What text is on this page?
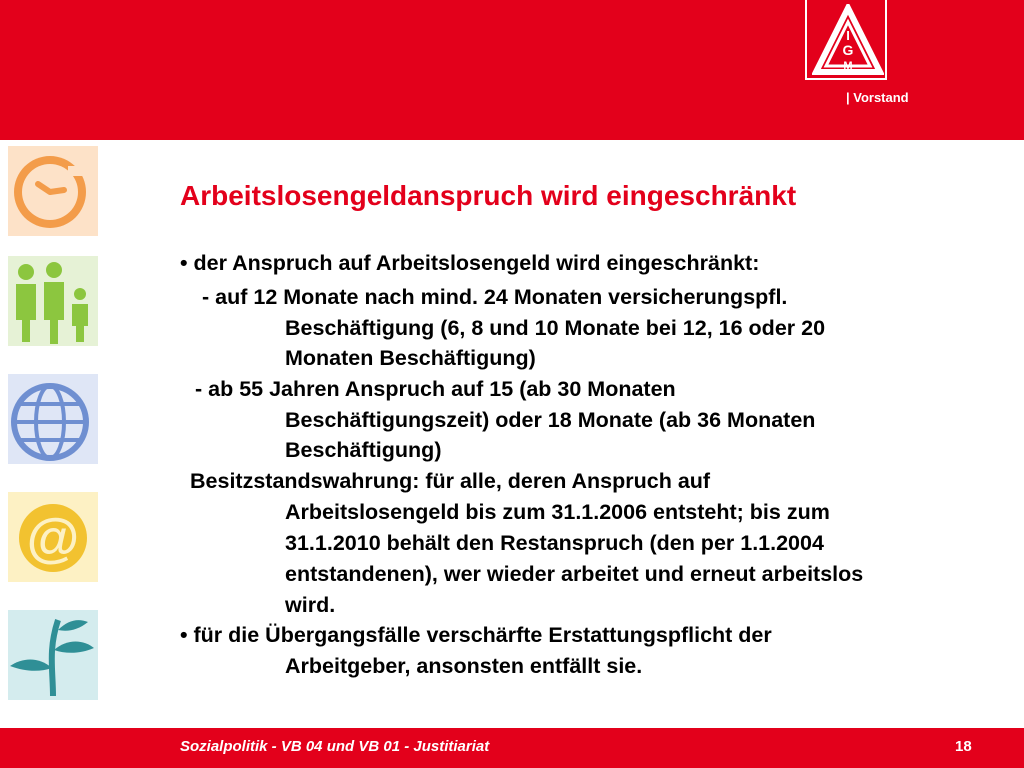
I
G
M
| Vorstand
@
Arbeitslosengeldanspruch wird eingeschränkt
• der Anspruch auf Arbeitslosengeld wird eingeschränkt:
- auf 12 Monate nach mind. 24 Monaten versicherungspfl.
Beschäftigung (6, 8 und 10 Monate bei 12, 16 oder 20
Monaten Beschäftigung)
- ab 55 Jahren Anspruch auf 15 (ab 30 Monaten
Beschäftigungszeit) oder 18 Monate (ab 36 Monaten
Beschäftigung)
Besitzstandswahrung: für alle, deren Anspruch auf
Arbeitslosengeld bis zum 31.1.2006 entsteht; bis zum
31.1.2010 behält den Restanspruch (den per 1.1.2004
entstandenen), wer wieder arbeitet und erneut arbeitslos
wird.
• für die Übergangsfälle verschärfte Erstattungspflicht der
Arbeitgeber, ansonsten entfällt sie.
Sozialpolitik - VB 04 und VB 01 - Justitiariat	18
